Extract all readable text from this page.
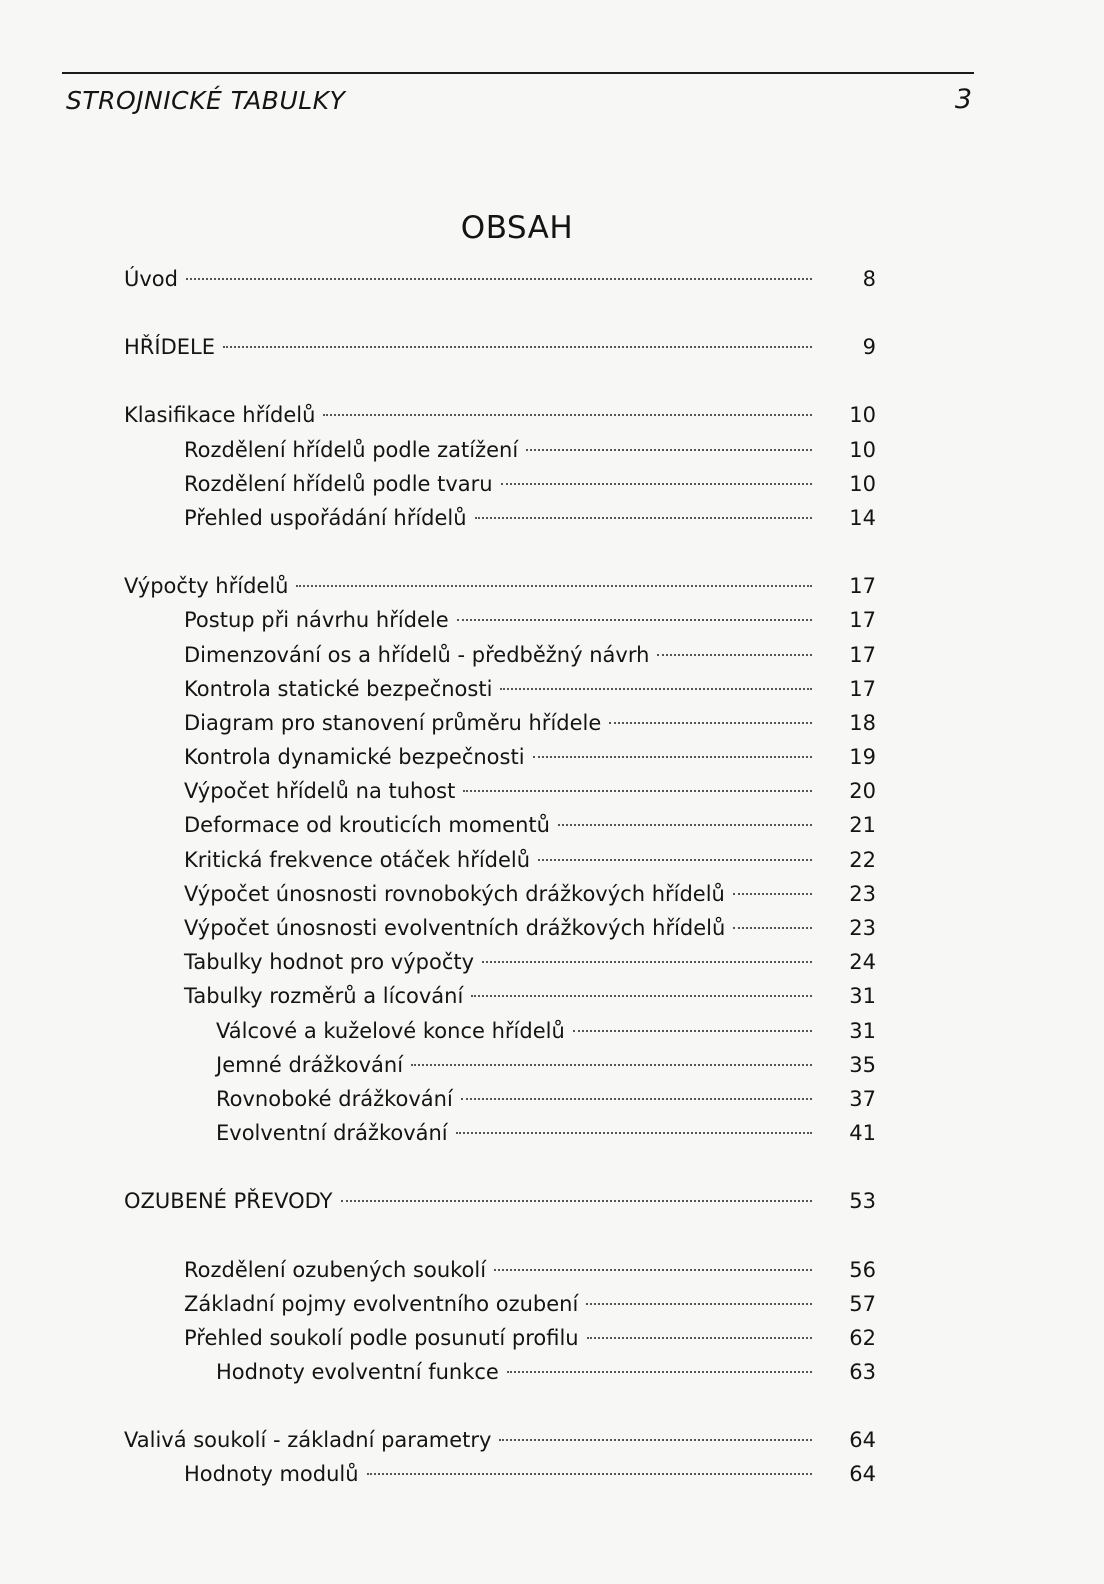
STROJNICKÉ TABULKY	3
OBSAH
Úvod	8
HŘÍDELE	9
Klasifikace hřídelů	10
Rozdělení hřídelů podle zatížení	10
Rozdělení hřídelů podle tvaru	10
Přehled uspořádání hřídelů	14
Výpočty hřídelů	17
Postup při návrhu hřídele	17
Dimenzování os a hřídelů - předběžný návrh	17
Kontrola statické bezpečnosti	17
Diagram pro stanovení průměru hřídele	18
Kontrola dynamické bezpečnosti	19
Výpočet hřídelů na tuhost	20
Deformace od krouticích momentů	21
Kritická frekvence otáček hřídelů	22
Výpočet únosnosti rovnobokých drážkových hřídelů	23
Výpočet únosnosti evolventních drážkových hřídelů	23
Tabulky hodnot pro výpočty	24
Tabulky rozměrů a lícování	31
Válcové a kuželové konce hřídelů	31
Jemné drážkování	35
Rovnoboké drážkování	37
Evolventní drážkování	41
OZUBENÉ PŘEVODY	53
Rozdělení ozubených soukolí	56
Základní pojmy evolventního ozubení	57
Přehled soukolí podle posunutí profilu	62
Hodnoty evolventní funkce	63
Valivá soukolí - základní parametry	64
Hodnoty modulů	64
